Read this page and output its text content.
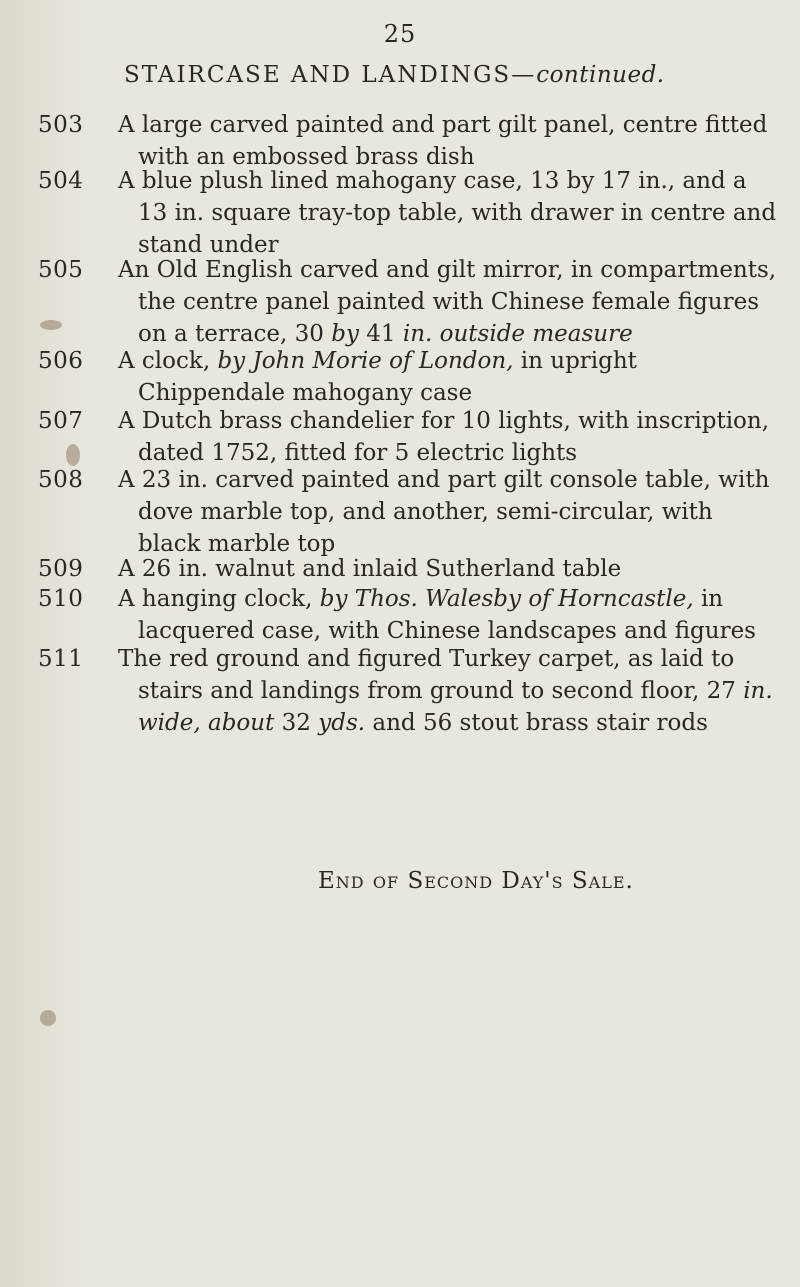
25
STAIRCASE AND LANDINGS—continued.
503	A large carved painted and part gilt panel, centre fitted with an embossed brass dish
504	A blue plush lined mahogany case, 13 by 17 in., and a 13 in. square tray-top table, with drawer in centre and stand under
505	An Old English carved and gilt mirror, in compartments, the centre panel painted with Chinese female figures on a terrace, 30 by 41 in. outside measure
506	A clock, by John Morie of London, in upright Chippendale mahogany case
507	A Dutch brass chandelier for 10 lights, with inscription, dated 1752, fitted for 5 electric lights
508	A 23 in. carved painted and part gilt console table, with dove marble top, and another, semi-circular, with black marble top
509	A 26 in. walnut and inlaid Sutherland table
510	A hanging clock, by Thos. Walesby of Horncastle, in lacquered case, with Chinese landscapes and figures
511	The red ground and figured Turkey carpet, as laid to stairs and landings from ground to second floor, 27 in. wide, about 32 yds. and 56 stout brass stair rods
End of Second Day's Sale.
